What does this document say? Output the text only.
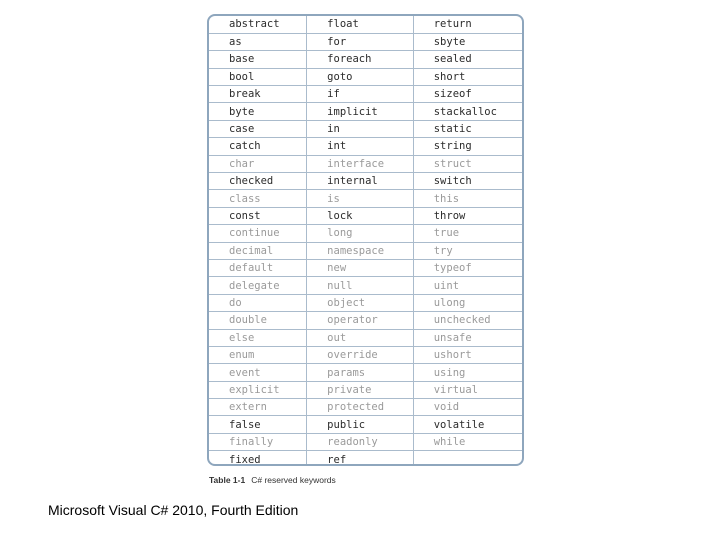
abstract	float	return
as	for	sbyte
base	foreach	sealed
bool	goto	short
break	if	sizeof
byte	implicit	stackalloc
case	in	static
catch	int	string
char	interface	struct
checked	internal	switch
class	is	this
const	lock	throw
continue	long	true
decimal	namespace	try
default	new	typeof
delegate	null	uint
do	object	ulong
double	operator	unchecked
else	out	unsafe
enum	override	ushort
event	params	using
explicit	private	virtual
extern	protected	void
false	public	volatile
finally	readonly	while
fixed	ref	
Table 1-1 C# reserved keywords
Microsoft Visual C# 2010, Fourth Edition
